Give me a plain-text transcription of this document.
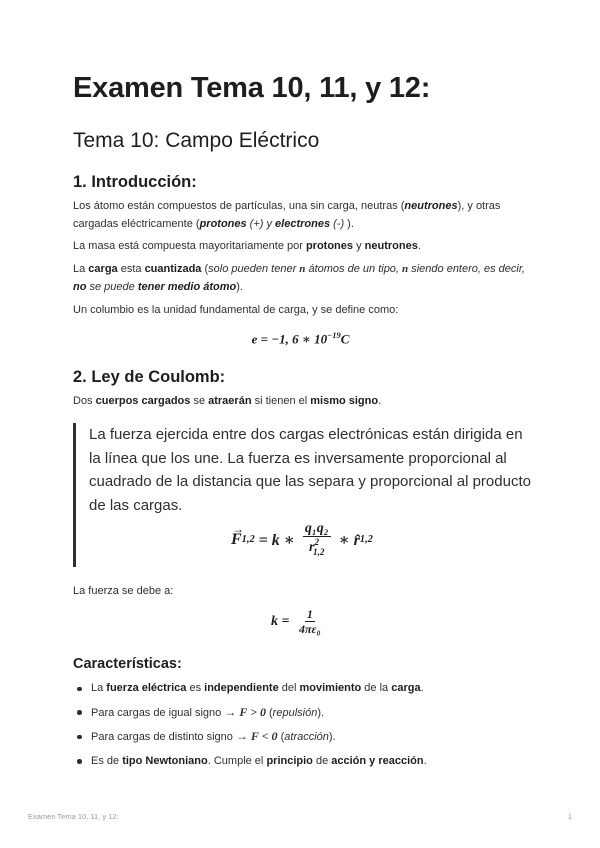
Examen Tema 10, 11, y 12:
Tema 10: Campo Eléctrico
1. Introducción:

Los átomo están compuestos de partículas, una sin carga, neutras (neutrones), y otras cargadas eléctricamente (protones (+) y electrones (-) ).

La masa está compuesta mayoritariamente por protones y neutrones.

La carga esta cuantizada (solo pueden tener n átomos de un tipo, n siendo entero, es decir, no se puede tener medio átomo).

Un columbio es la unidad fundamental de carga, y se define como:

e = −1, 6 ∗ $10^{-19}C$
2. Ley de Coulomb:

Dos cuerpos cargados se atraerán si tienen el mismo signo.

La fuerza ejercida entre dos cargas electrónicas están dirigida en la línea que los une. La fuerza es inversamente proporcional al cuadrado de la distancia que las separa y proporcional al producto de las cargas.
→
F 1,2 = k ∗ $\frac{\text{q₁q₂}}{r^2_{1,2}}$ ∗ r̂ 1,2

La fuerza se debe a:

$k = \frac{1}{\text{4πε₀}}$
Características:
La fuerza eléctrica es independiente del movimiento de la carga.
Para cargas de igual signo → F > 0 (repulsión).
Para cargas de distinto signo → F < 0 (atracción).
Es de tipo Newtoniano. Cumple el principio de acción y reacción.
Examen Tema 10, 11, y 12:	1
